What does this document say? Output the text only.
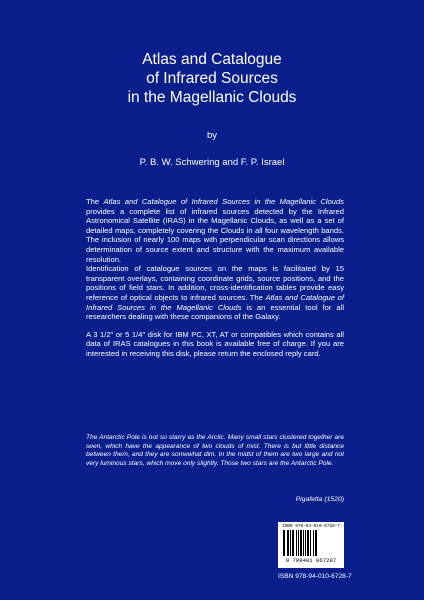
Atlas and Catalogue
of Infrared Sources
in the Magellanic Clouds
by
P. B. W. Schwering and F. P. Israel

The Atlas and Catalogue of Infrared Sources in the Magellanic Clouds provides a complete list of infrared sources detected by the Infrared Astronomical Satellite (IRAS) in the Magellanic Clouds, as well as a set of detailed maps, completely covering the Clouds in all four wavelength bands. The inclusion of nearly 100 maps with perpendicular scan directions allows determination of source extent and structure with the maximum available resolution.

Identification of catalogue sources on the maps is facilitated by 15 transparent overlays, containing coordinate grids, source positions, and the positions of field stars. In addition, cross-identification tables provide easy reference of optical objects to infrared sources. The Atlas and Catalogue of Infrared Sources in the Magellanic Clouds is an essential tool for all researchers dealing with these companions of the Galaxy.

A 3 1/2" or 5 1/4" disk for IBM PC, XT, AT or compatibles which contains all data of IRAS catalogues in this book is available free of charge. If you are interested in receiving this disk, please return the enclosed reply card.

The Antarctic Pole is not so starry as the Arctic. Many small stars clustered together are seen, which have the appearance of two clouds of mist. There is but little distance between them, and they are somewhat dim. In the midst of them are two large and not very luminous stars, which move only slightly. Those two stars are the Antarctic Pole.
Pigafetta (1520)
ISBN 978-94-010-6728-7
9 789401 067287
ISBN 978-94-010-6728-7
